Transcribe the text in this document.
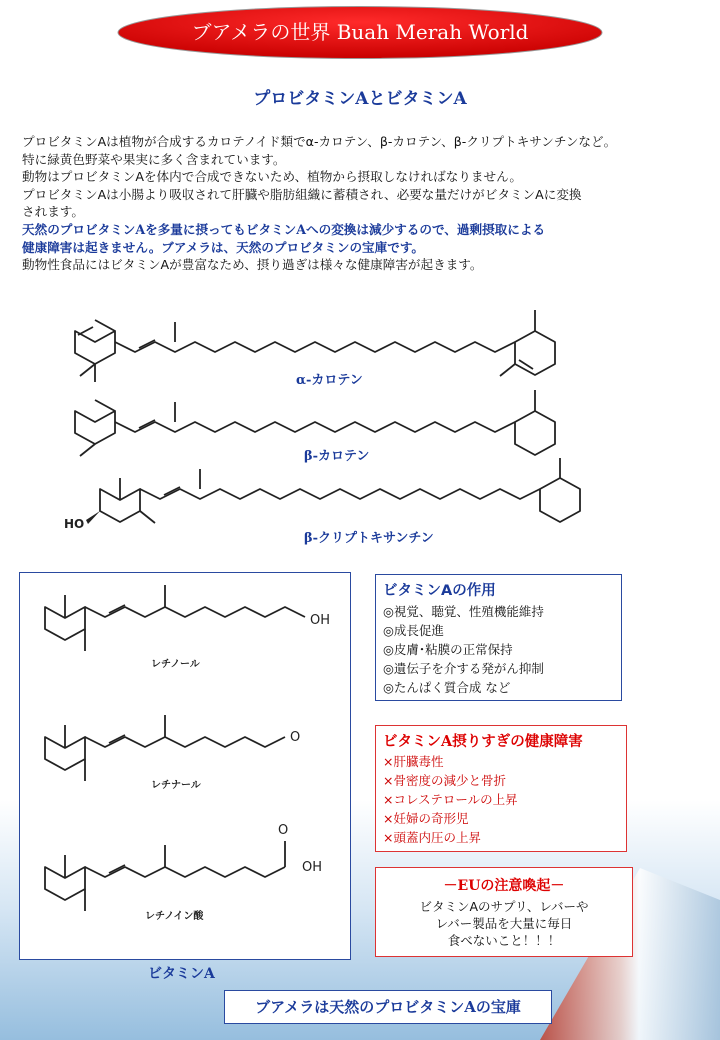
ブアメラの世界 Buah Merah World
プロビタミンAとビタミンA

プロビタミンAは植物が合成するカロテノイド類でα-カロテン、β-カロテン、β-クリプトキサンチンなど。

特に緑黄色野菜や果実に多く含まれています。

動物はプロビタミンAを体内で合成できないため、植物から摂取しなければなりません。

プロビタミンAは小腸より吸収されて肝臓や脂肪組織に蓄積され、必要な量だけがビタミンAに変換

されます。

天然のプロビタミンAを多量に摂ってもビタミンAへの変換は減少するので、過剰摂取による

健康障害は起きません。ブアメラは、天然のプロビタミンの宝庫です。

動物性食品にはビタミンAが豊富なため、摂り過ぎは様々な健康障害が起きます。

α-カロテン
β-カロテン
β-クリプトキサンチン
HO
OH
O
O
OH
レチノール
レチナール
レチノイン酸
ビタミンA
ビタミンAの作用
◎視覚、聴覚、性殖機能維持
◎成長促進
◎皮膚･粘膜の正常保持
◎遺伝子を介する発がん抑制
◎たんぱく質合成 など
ビタミンA摂りすぎの健康障害
×肝臓毒性
×骨密度の減少と骨折
×コレステロールの上昇
×妊婦の奇形児
×頭蓋内圧の上昇
－EUの注意喚起－
ビタミンAのサプリ、レバーや
レバー製品を大量に毎日
食べないこと！！！
ブアメラは天然のプロビタミンAの宝庫
